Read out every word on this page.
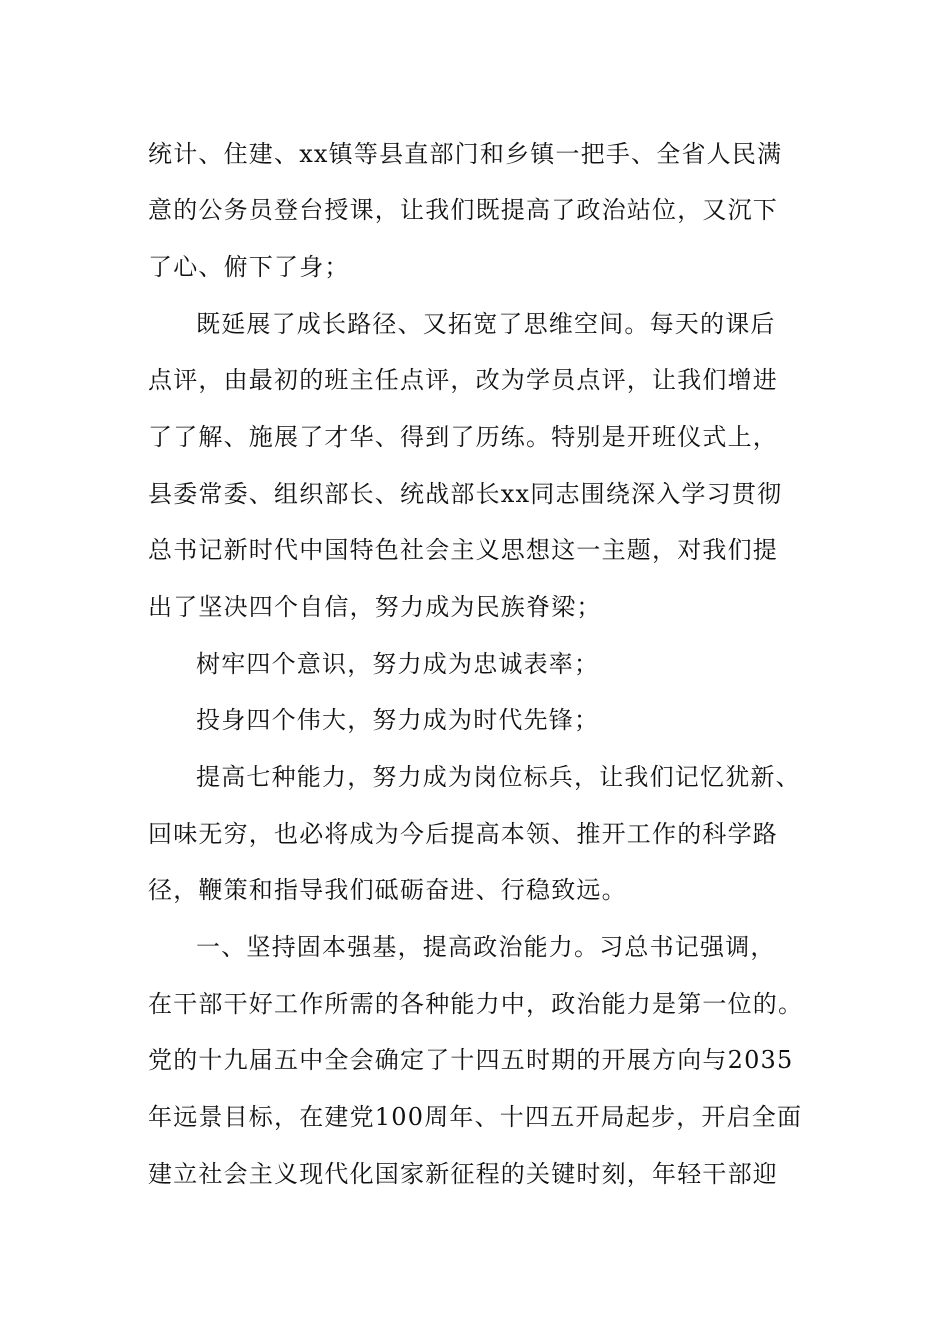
统计、住建、xx镇等县直部门和乡镇一把手、全省人民满
意的公务员登台授课，让我们既提高了政治站位，又沉下
了心、俯下了身；
既延展了成长路径、又拓宽了思维空间。每天的课后
点评，由最初的班主任点评，改为学员点评，让我们增进
了了解、施展了才华、得到了历练。特别是开班仪式上，
县委常委、组织部长、统战部长xx同志围绕深入学习贯彻
总书记新时代中国特色社会主义思想这一主题，对我们提
出了坚决四个自信，努力成为民族脊梁；
树牢四个意识，努力成为忠诚表率；
投身四个伟大，努力成为时代先锋；
提高七种能力，努力成为岗位标兵，让我们记忆犹新、
回味无穷，也必将成为今后提高本领、推开工作的科学路
径，鞭策和指导我们砥砺奋进、行稳致远。
一、坚持固本强基，提高政治能力。习总书记强调，
在干部干好工作所需的各种能力中，政治能力是第一位的。
党的十九届五中全会确定了十四五时期的开展方向与2035
年远景目标，在建党100周年、十四五开局起步，开启全面
建立社会主义现代化国家新征程的关键时刻，年轻干部迎
